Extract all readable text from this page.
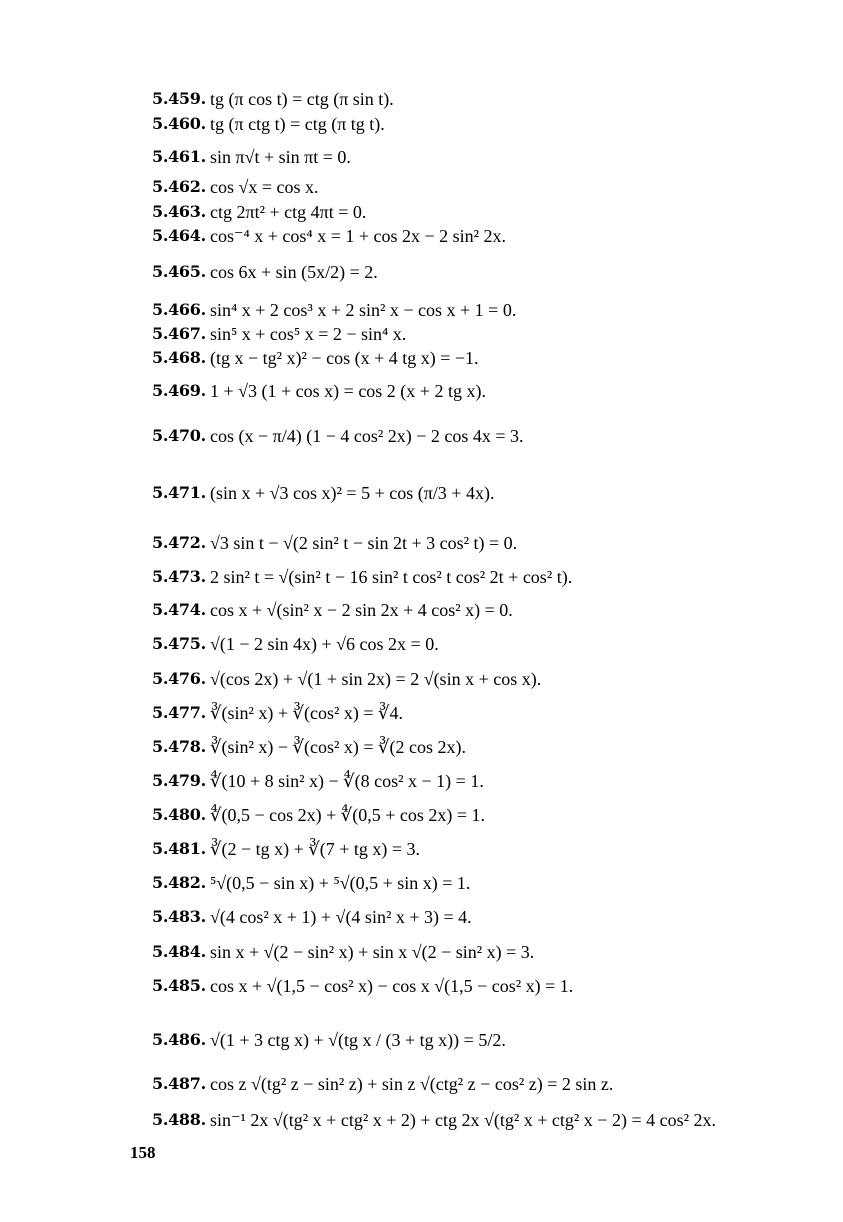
5.459. tg (π cos t) = ctg (π sin t).
5.460. tg (π ctg t) = ctg (π tg t).
5.461. sin π√t + sin πt = 0.
5.462. cos √x = cos x.
5.463. ctg 2πt² + ctg 4πt = 0.
5.464. cos⁻⁴ x + cos⁴ x = 1 + cos 2x − 2 sin² 2x.
5.465. cos 6x + sin (5x/2) = 2.
5.466. sin⁴ x + 2 cos³ x + 2 sin² x − cos x + 1 = 0.
5.467. sin⁵ x + cos⁵ x = 2 − sin⁴ x.
5.468. (tg x − tg² x)² − cos (x + 4 tg x) = −1.
5.469. 1 + √3 (1 + cos x) = cos 2 (x + 2 tg x).
5.470. cos (x − π/4) (1 − 4 cos² 2x) − 2 cos 4x = 3.
5.471. (sin x + √3 cos x)² = 5 + cos (π/3 + 4x).
5.472. √3 sin t − √(2 sin² t − sin 2t + 3 cos² t) = 0.
5.473. 2 sin² t = √(sin² t − 16 sin² t cos² t cos² 2t + cos² t).
5.474. cos x + √(sin² x − 2 sin 2x + 4 cos² x) = 0.
5.475. √(1 − 2 sin 4x) + √6 cos 2x = 0.
5.476. √(cos 2x) + √(1 + sin 2x) = 2 √(sin x + cos x).
5.477. ∛(sin² x) + ∛(cos² x) = ∛4.
5.478. ∛(sin² x) − ∛(cos² x) = ∛(2 cos 2x).
5.479. ∜(10 + 8 sin² x) − ∜(8 cos² x − 1) = 1.
5.480. ∜(0,5 − cos 2x) + ∜(0,5 + cos 2x) = 1.
5.481. ∛(2 − tg x) + ∛(7 + tg x) = 3.
5.482. ⁵√(0,5 − sin x) + ⁵√(0,5 + sin x) = 1.
5.483. √(4 cos² x + 1) + √(4 sin² x + 3) = 4.
5.484. sin x + √(2 − sin² x) + sin x √(2 − sin² x) = 3.
5.485. cos x + √(1,5 − cos² x) − cos x √(1,5 − cos² x) = 1.
5.486. √(1 + 3 ctg x) + √(tg x / (3 + tg x)) = 5/2.
5.487. cos z √(tg² z − sin² z) + sin z √(ctg² z − cos² z) = 2 sin z.
5.488. sin⁻¹ 2x √(tg² x + ctg² x + 2) + ctg 2x √(tg² x + ctg² x − 2) = 4 cos² 2x.
158
